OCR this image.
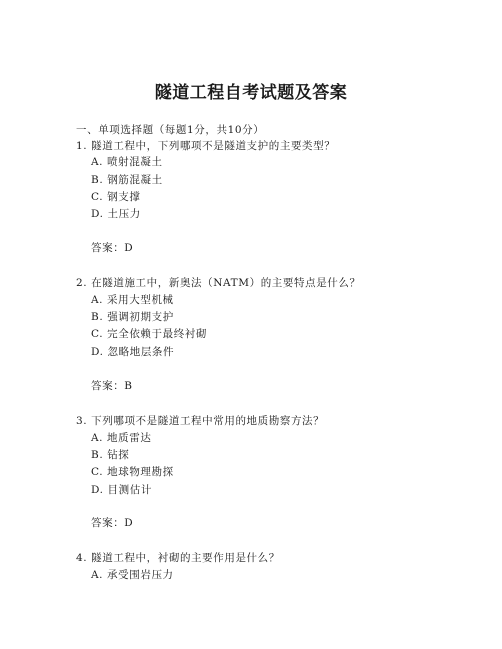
隧道工程自考试题及答案
一、单项选择题（每题1分，共10分）
1. 隧道工程中，下列哪项不是隧道支护的主要类型？
A. 喷射混凝土
B. 钢筋混凝土
C. 钢支撑
D. 土压力
答案：D
2. 在隧道施工中，新奥法（NATM）的主要特点是什么？
A. 采用大型机械
B. 强调初期支护
C. 完全依赖于最终衬砌
D. 忽略地层条件
答案：B
3. 下列哪项不是隧道工程中常用的地质勘察方法？
A. 地质雷达
B. 钻探
C. 地球物理勘探
D. 目测估计
答案：D
4. 隧道工程中，衬砌的主要作用是什么？
A. 承受围岩压力
